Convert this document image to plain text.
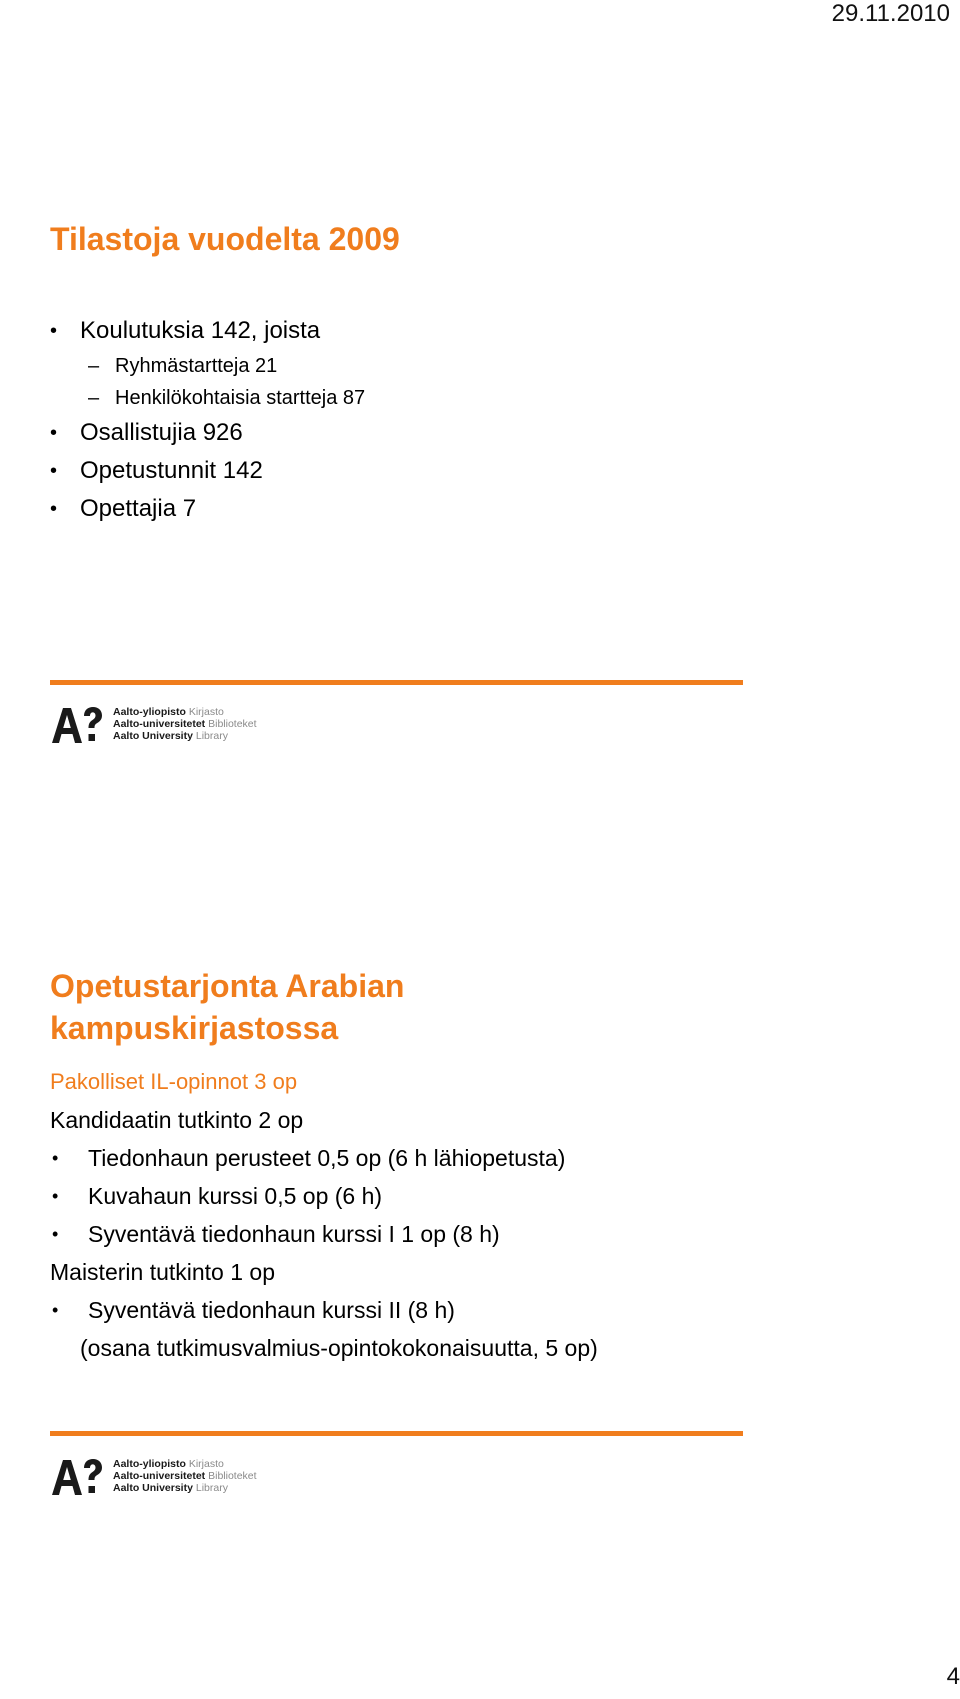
29.11.2010
Tilastoja vuodelta 2009
• Koulutuksia 142, joista
– Ryhmästartteja 21
– Henkilökohtaisia startteja 87
• Osallistujia 926
• Opetustunnit 142
• Opettajia 7
Aalto-yliopisto Kirjasto
Aalto-universitetet Biblioteket
Aalto University Library
Opetustarjonta Arabian
kampuskirjastossa
Pakolliset IL-opinnot 3 op
Kandidaatin tutkinto 2 op
• Tiedonhaun perusteet 0,5 op (6 h lähiopetusta)
• Kuvahaun kurssi 0,5 op (6 h)
• Syventävä tiedonhaun kurssi I 1 op (8 h)
Maisterin tutkinto 1 op
• Syventävä tiedonhaun kurssi II (8 h)
(osana tutkimusvalmius-opintokokonaisuutta, 5 op)
Aalto-yliopisto Kirjasto
Aalto-universitetet Biblioteket
Aalto University Library
4
